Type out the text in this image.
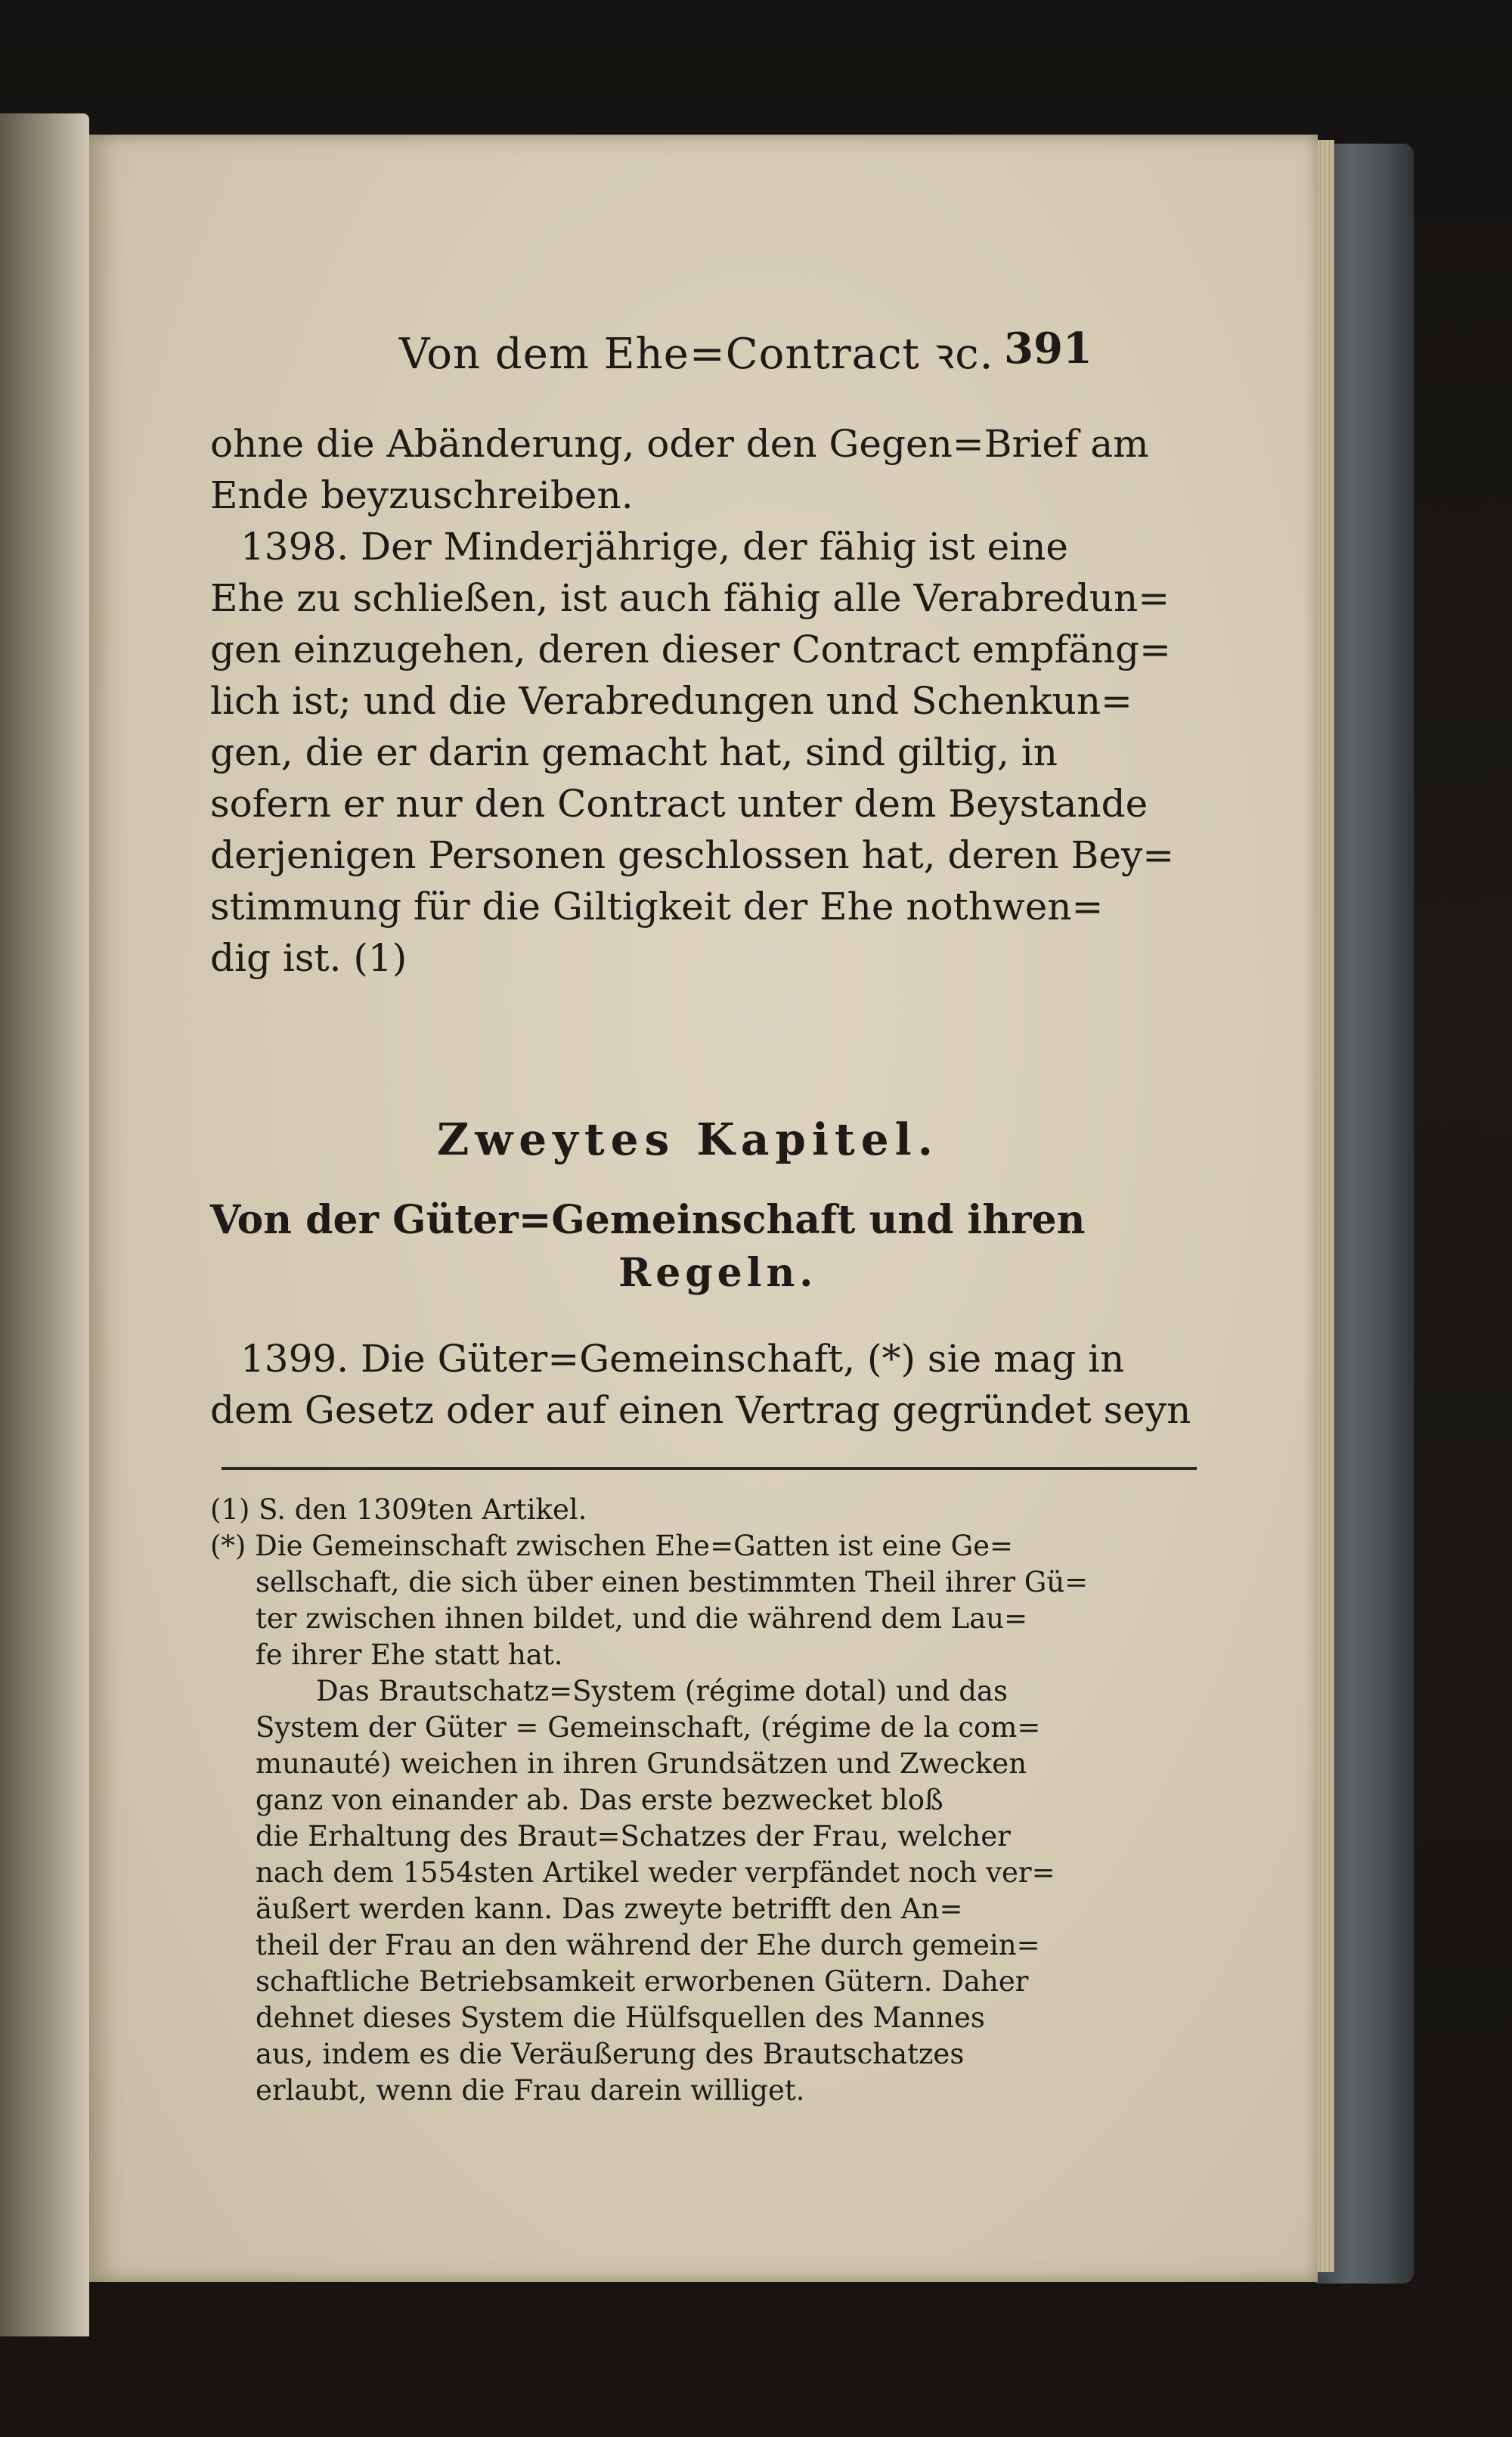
Von dem Ehe=Contract ꝛc. 391
ohne die Abänderung, oder den Gegen=Brief am
Ende beyzuschreiben.
1398. Der Minderjährige, der fähig ist eine
Ehe zu schließen, ist auch fähig alle Verabredun=
gen einzugehen, deren dieser Contract empfäng=
lich ist; und die Verabredungen und Schenkun=
gen, die er darin gemacht hat, sind giltig, in
sofern er nur den Contract unter dem Beystande
derjenigen Personen geschlossen hat, deren Bey=
stimmung für die Giltigkeit der Ehe nothwen=
dig ist. (1)
Zweytes Kapitel.
Von der Güter=Gemeinschaft und ihren
Regeln.
1399. Die Güter=Gemeinschaft, (*) sie mag in
dem Gesetz oder auf einen Vertrag gegründet seyn
(1) S. den 1309ten Artikel.
(*) Die Gemeinschaft zwischen Ehe=Gatten ist eine Ge=
sellschaft, die sich über einen bestimmten Theil ihrer Gü=
ter zwischen ihnen bildet, und die während dem Lau=
fe ihrer Ehe statt hat.
Das Brautschatz=System (régime dotal) und das
System der Güter = Gemeinschaft, (régime de la com=
munauté) weichen in ihren Grundsätzen und Zwecken
ganz von einander ab. Das erste bezwecket bloß
die Erhaltung des Braut=Schatzes der Frau, welcher
nach dem 1554sten Artikel weder verpfändet noch ver=
äußert werden kann. Das zweyte betrifft den An=
theil der Frau an den während der Ehe durch gemein=
schaftliche Betriebsamkeit erworbenen Gütern. Daher
dehnet dieses System die Hülfsquellen des Mannes
aus, indem es die Veräußerung des Brautschatzes
erlaubt, wenn die Frau darein williget.
